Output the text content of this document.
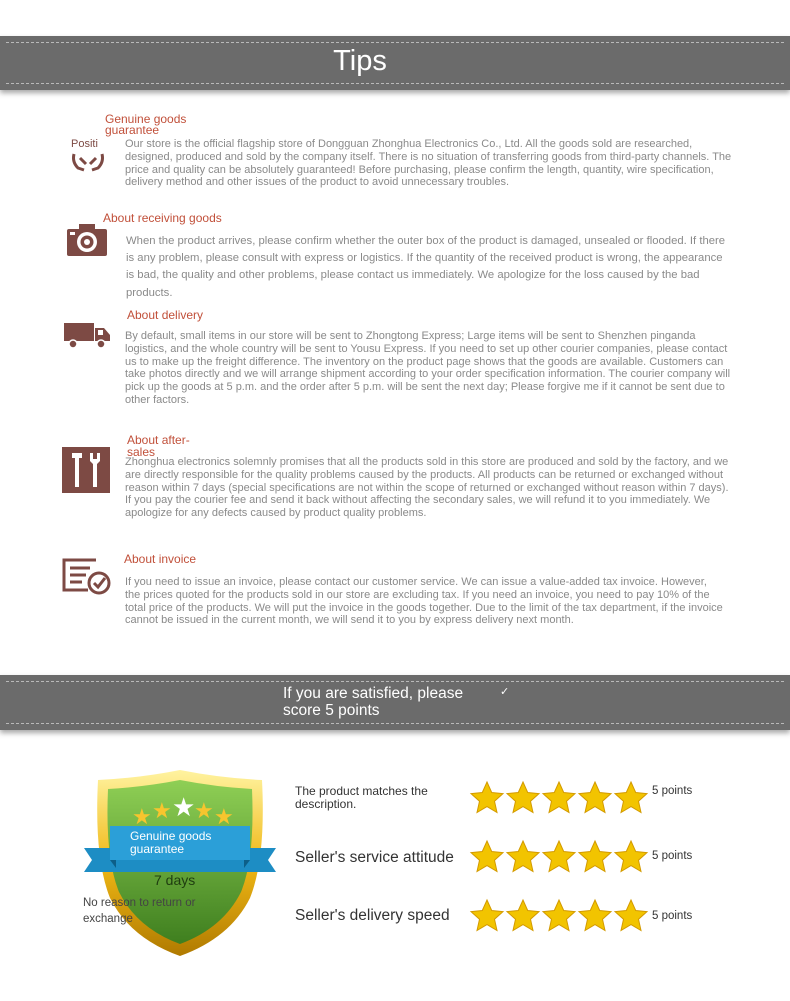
Tips
Genuine goods guarantee
Positi Our store is the official flagship store of Dongguan Zhonghua Electronics Co., Ltd. All the goods sold are researched, designed, produced and sold by the company itself. There is no situation of transferring goods from third-party channels. The price and quality can be absolutely guaranteed! Before purchasing, please confirm the length, quantity, wire specification, delivery method and other issues of the product to avoid unnecessary troubles.
About receiving goods
When the product arrives, please confirm whether the outer box of the product is damaged, unsealed or flooded. If there is any problem, please consult with express or logistics. If the quantity of the received product is wrong, the appearance is bad, the quality and other problems, please contact us immediately. We apologize for the loss caused by the bad products.
About delivery
By default, small items in our store will be sent to Zhongtong Express; Large items will be sent to Shenzhen pinganda logistics, and the whole country will be sent to Yousu Express. If you need to set up other courier companies, please contact us to make up the freight difference. The inventory on the product page shows that the goods are available. Customers can take photos directly and we will arrange shipment according to your order specification information. The courier company will pick up the goods at 5 p.m. and the order after 5 p.m. will be sent the next day; Please forgive me if it cannot be sent due to other factors.
About after-sales
Zhonghua electronics solemnly promises that all the products sold in this store are produced and sold by the factory, and we are directly responsible for the quality problems caused by the products. All products can be returned or exchanged without reason within 7 days (special specifications are not within the scope of returned or exchanged without reason within 7 days). If you pay the courier fee and send it back without affecting the secondary sales, we will refund it to you immediately. We apologize for any defects caused by product quality problems.
About invoice
If you need to issue an invoice, please contact our customer service. We can issue a value-added tax invoice. However, the prices quoted for the products sold in our store are excluding tax. If you need an invoice, you need to pay 10% of the total price of the products. We will put the invoice in the goods together. Due to the limit of the tax department, if the invoice cannot be issued in the current month, we will send it to you by express delivery next month.
If you are satisfied, please score 5 points
✓
★ ★ ★
★ ★
Genuine goods guarantee
7 days
No reason to return or exchange
The product matches the description.
5 points
Seller's service attitude	5 points
Seller's delivery speed	5 points
